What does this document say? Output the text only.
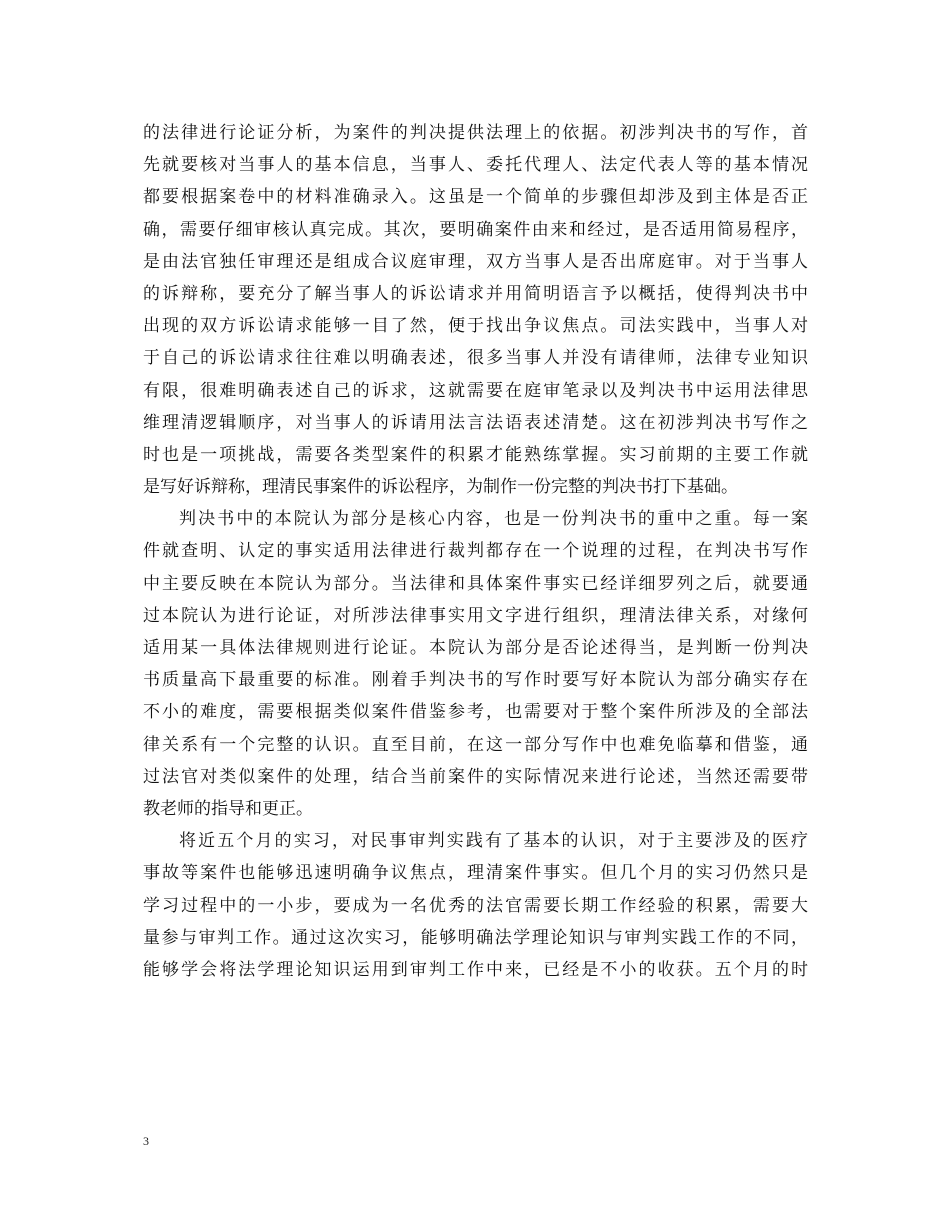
的法律进行论证分析，为案件的判决提供法理上的依据。初涉判决书的写作，首
先就要核对当事人的基本信息，当事人、委托代理人、法定代表人等的基本情况
都要根据案卷中的材料准确录入。这虽是一个简单的步骤但却涉及到主体是否正
确，需要仔细审核认真完成。其次，要明确案件由来和经过，是否适用简易程序，
是由法官独任审理还是组成合议庭审理，双方当事人是否出席庭审。对于当事人
的诉辩称，要充分了解当事人的诉讼请求并用简明语言予以概括，使得判决书中
出现的双方诉讼请求能够一目了然，便于找出争议焦点。司法实践中，当事人对
于自己的诉讼请求往往难以明确表述，很多当事人并没有请律师，法律专业知识
有限，很难明确表述自己的诉求，这就需要在庭审笔录以及判决书中运用法律思
维理清逻辑顺序，对当事人的诉请用法言法语表述清楚。这在初涉判决书写作之
时也是一项挑战，需要各类型案件的积累才能熟练掌握。实习前期的主要工作就
是写好诉辩称，理清民事案件的诉讼程序，为制作一份完整的判决书打下基础。
判决书中的本院认为部分是核心内容，也是一份判决书的重中之重。每一案
件就查明、认定的事实适用法律进行裁判都存在一个说理的过程，在判决书写作
中主要反映在本院认为部分。当法律和具体案件事实已经详细罗列之后，就要通
过本院认为进行论证，对所涉法律事实用文字进行组织，理清法律关系，对缘何
适用某一具体法律规则进行论证。本院认为部分是否论述得当，是判断一份判决
书质量高下最重要的标准。刚着手判决书的写作时要写好本院认为部分确实存在
不小的难度，需要根据类似案件借鉴参考，也需要对于整个案件所涉及的全部法
律关系有一个完整的认识。直至目前，在这一部分写作中也难免临摹和借鉴，通
过法官对类似案件的处理，结合当前案件的实际情况来进行论述，当然还需要带
教老师的指导和更正。
将近五个月的实习，对民事审判实践有了基本的认识，对于主要涉及的医疗
事故等案件也能够迅速明确争议焦点，理清案件事实。但几个月的实习仍然只是
学习过程中的一小步，要成为一名优秀的法官需要长期工作经验的积累，需要大
量参与审判工作。通过这次实习，能够明确法学理论知识与审判实践工作的不同，
能够学会将法学理论知识运用到审判工作中来，已经是不小的收获。五个月的时
3
